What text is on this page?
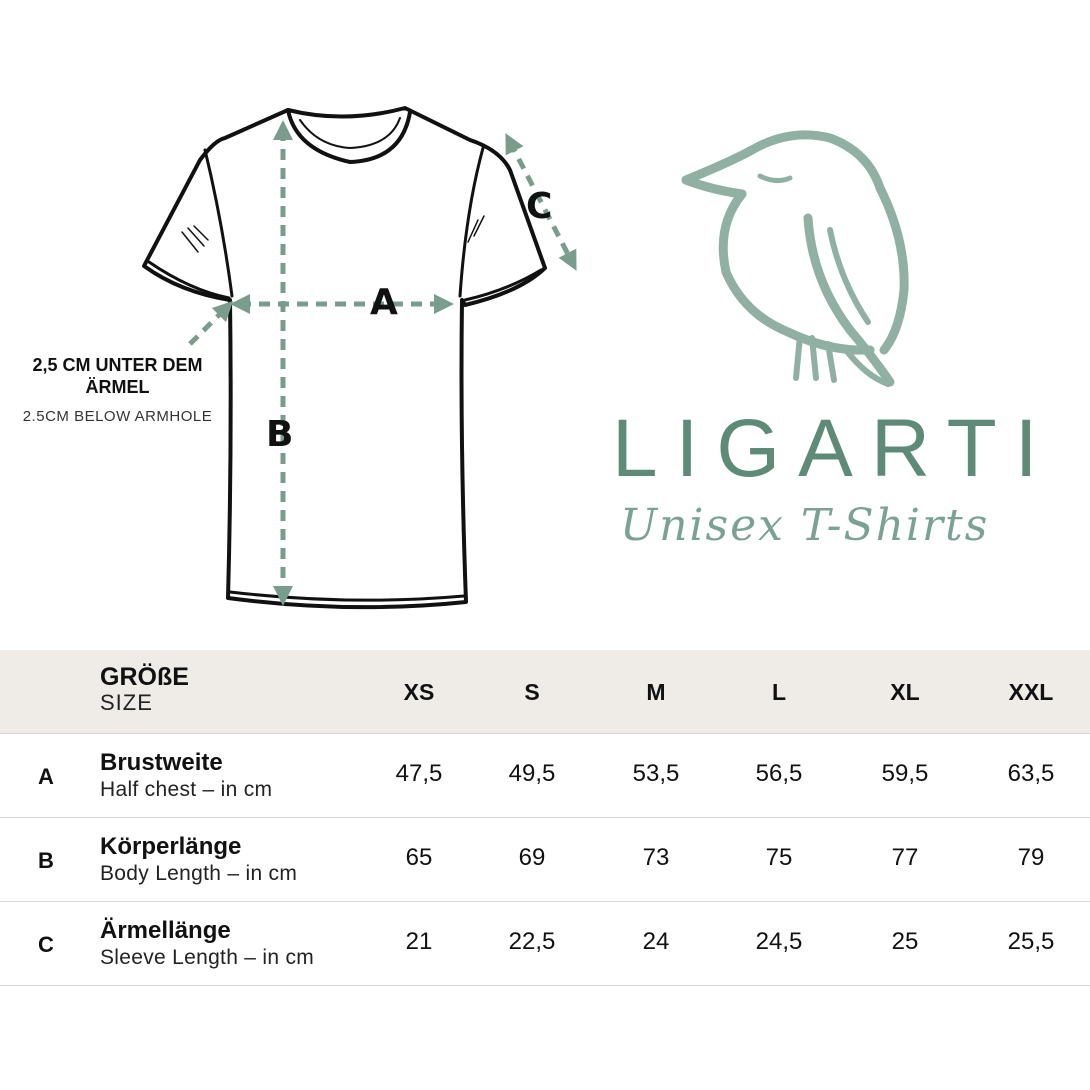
2,5 CM UNTER DEM ÄRMEL
2.5CM BELOW ARMHOLE
A
B
C
LIGARTI
Unisex T-Shirts
GRÖßE
SIZE	XS	S	M	L	XL	XXL
A
Brustweite
Half chest – in cm
47,5	49,5	53,5	56,5	59,5	63,5
B
Körperlänge
Body Length – in cm
65	69	73	75	77	79
C
Ärmellänge
Sleeve Length – in cm
21	22,5	24	24,5	25	25,5
